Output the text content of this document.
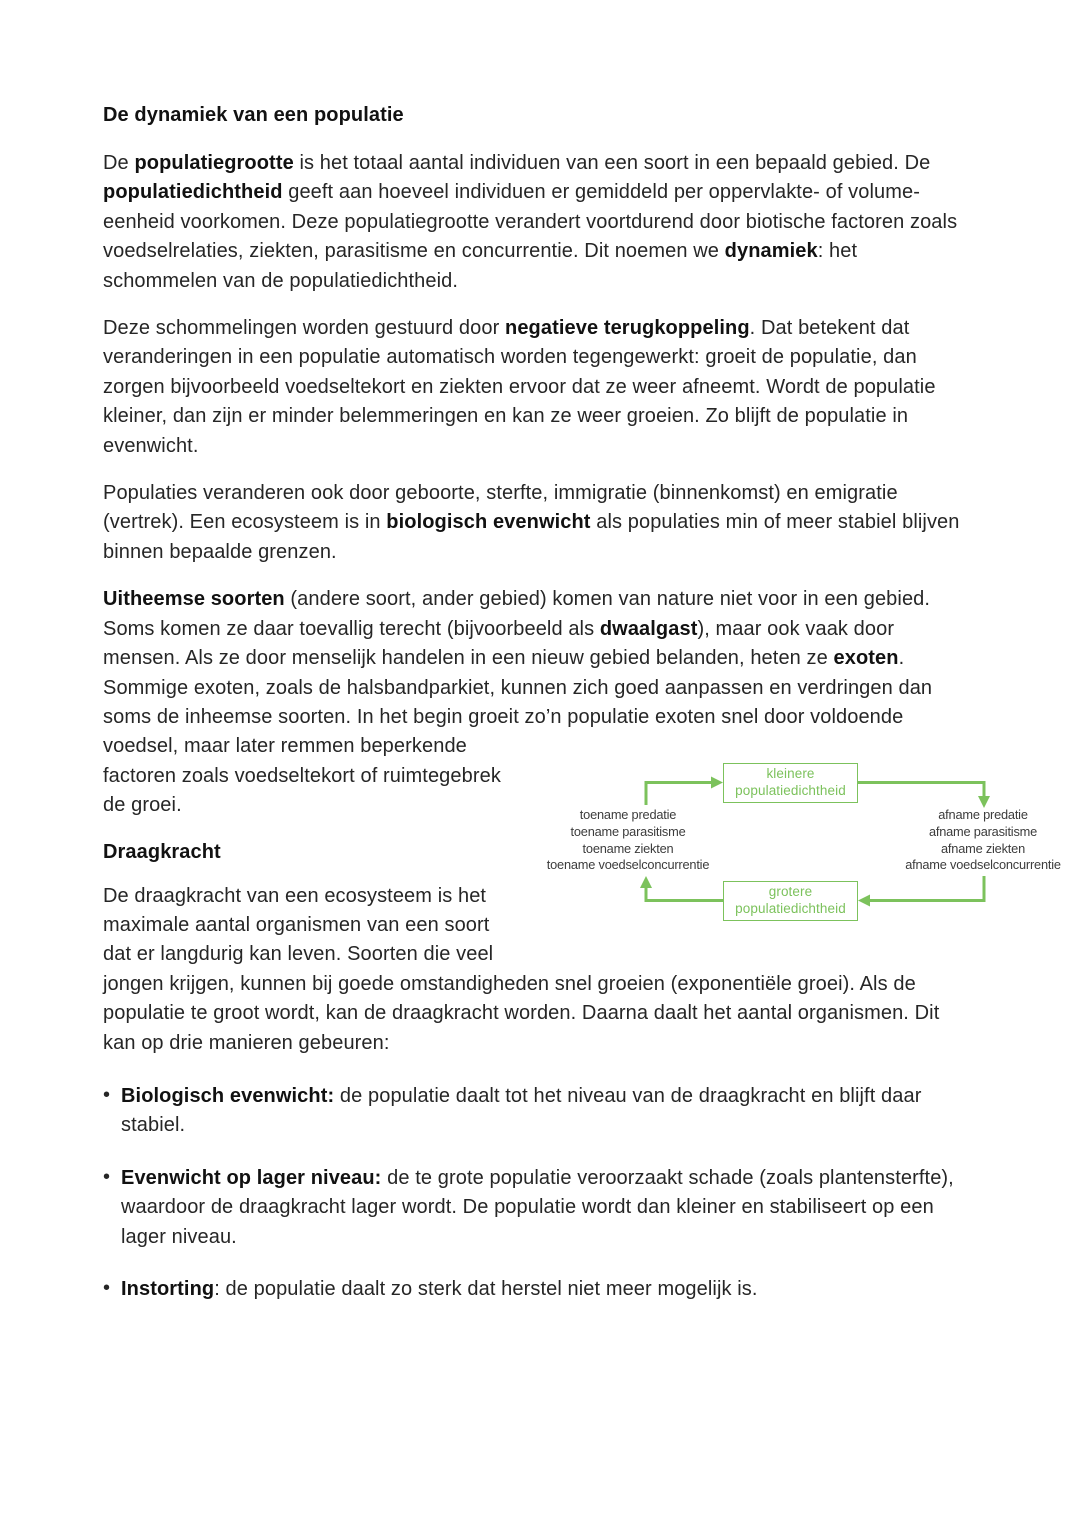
De dynamiek van een populatie

De populatiegrootte is het totaal aantal individuen van een soort in een bepaald gebied. De populatiedichtheid geeft aan hoeveel individuen er gemiddeld per oppervlakte- of volume-eenheid voorkomen. Deze populatiegrootte verandert voortdurend door biotische factoren zoals voedselrelaties, ziekten, parasitisme en concurrentie. Dit noemen we dynamiek: het schommelen van de populatiedichtheid.

Deze schommelingen worden gestuurd door negatieve terugkoppeling. Dat betekent dat veranderingen in een populatie automatisch worden tegengewerkt: groeit de populatie, dan zorgen bijvoorbeeld voedseltekort en ziekten ervoor dat ze weer afneemt. Wordt de populatie kleiner, dan zijn er minder belemmeringen en kan ze weer groeien. Zo blijft de populatie in evenwicht.

Populaties veranderen ook door geboorte, sterfte, immigratie (binnenkomst) en emigratie (vertrek). Een ecosysteem is in biologisch evenwicht als populaties min of meer stabiel blijven binnen bepaalde grenzen.

Uitheemse soorten (andere soort, ander gebied) komen van nature niet voor in een gebied. Soms komen ze daar toevallig terecht (bijvoorbeeld als dwaalgast), maar ook vaak door mensen. Als ze door menselijk handelen in een nieuw gebied belanden, heten ze exoten. Sommige exoten, zoals de halsbandparkiet, kunnen zich goed aanpassen en verdringen dan soms de inheemse soorten. In het begin groeit zo’n populatie exoten snel door voldoende
kleinere
populatiedichtheid
grotere
populatiedichtheid
toename predatie
toename parasitisme
toename ziekten
toename voedselconcurrentie
afname predatie
afname parasitisme
afname ziekten
afname voedselconcurrentie
voedsel, maar later remmen beperkende factoren zoals voedseltekort of ruimtegebrek de groei.

Draagkracht

De draagkracht van een ecosysteem is het maximale aantal organismen van een soort dat er langdurig kan leven. Soorten die veel jongen krijgen, kunnen bij goede omstandigheden snel groeien (exponentiële groei). Als de populatie te groot wordt, kan de draagkracht worden. Daarna daalt het aantal organismen. Dit kan op drie manieren gebeuren:

• Biologisch evenwicht: de populatie daalt tot het niveau van de draagkracht en blijft daar stabiel.
• Evenwicht op lager niveau: de te grote populatie veroorzaakt schade (zoals plantensterfte), waardoor de draagkracht lager wordt. De populatie wordt dan kleiner en stabiliseert op een lager niveau.
• Instorting: de populatie daalt zo sterk dat herstel niet meer mogelijk is.
